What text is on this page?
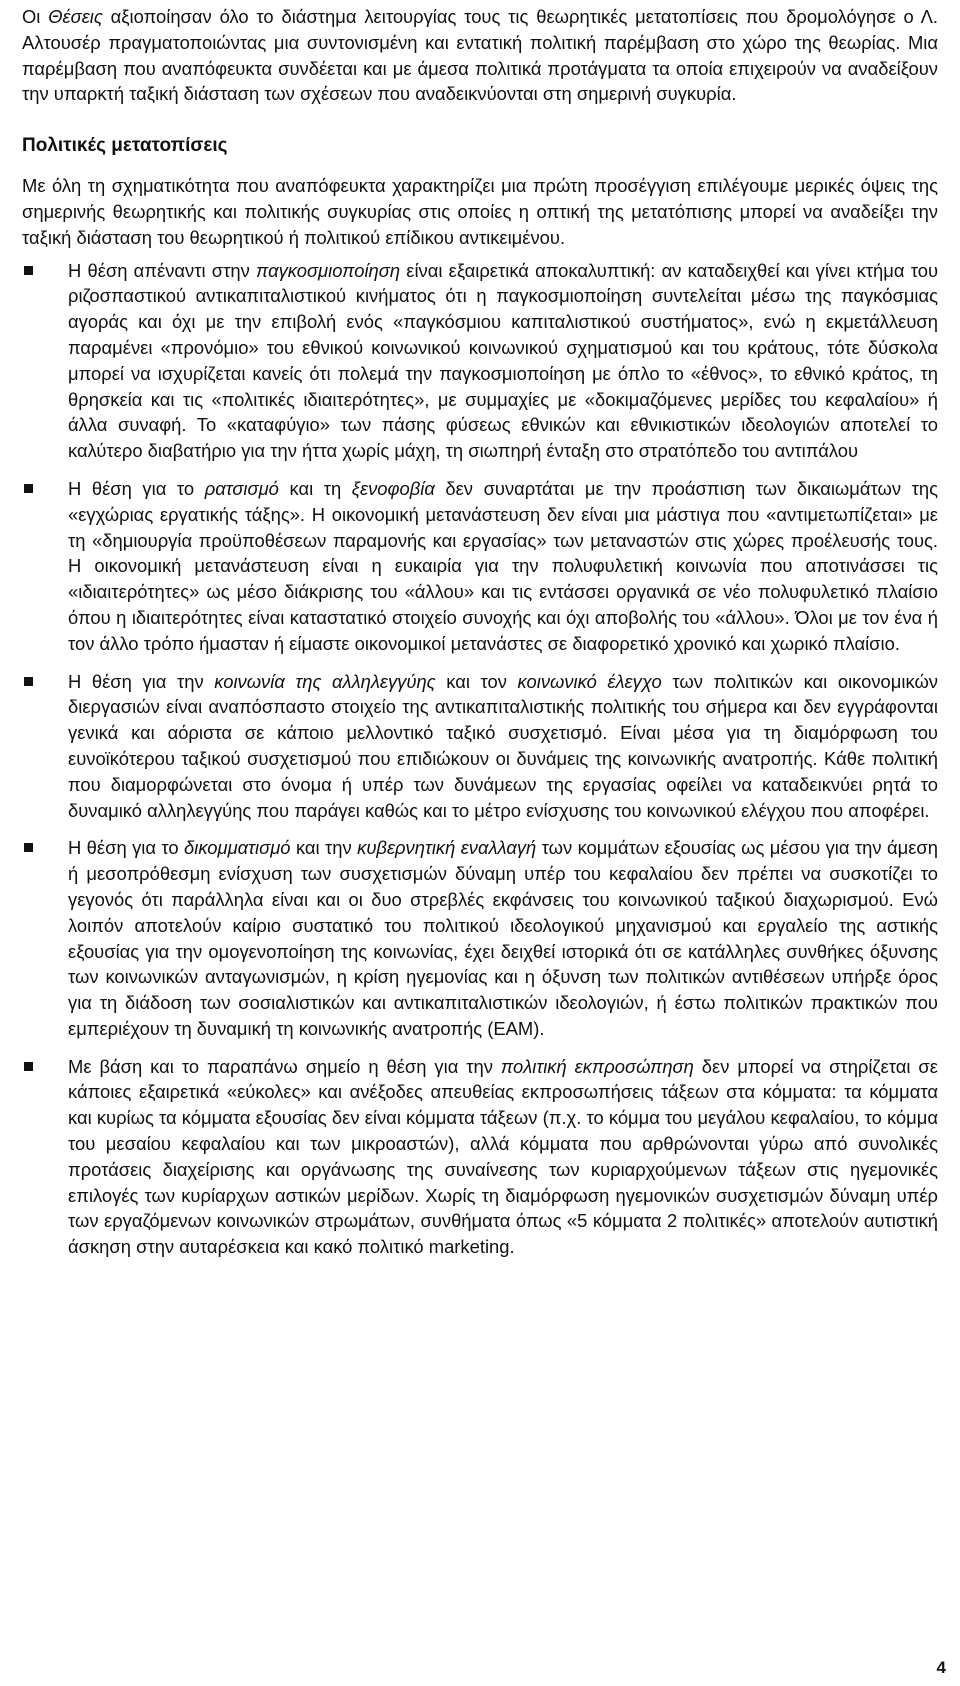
Οι Θέσεις αξιοποίησαν όλο το διάστημα λειτουργίας τους τις θεωρητικές μετατοπίσεις που δρομολόγησε ο Λ. Αλτουσέρ πραγματοποιώντας μια συντονισμένη και εντατική πολιτική παρέμβαση στο χώρο της θεωρίας. Μια παρέμβαση που αναπόφευκτα συνδέεται και με άμεσα πολιτικά προτάγματα τα οποία επιχειρούν να αναδείξουν την υπαρκτή ταξική διάσταση των σχέσεων που αναδεικνύονται στη σημερινή συγκυρία.

Πολιτικές μετατοπίσεις

Με όλη τη σχηματικότητα που αναπόφευκτα χαρακτηρίζει μια πρώτη προσέγγιση επιλέγουμε μερικές όψεις της σημερινής θεωρητικής και πολιτικής συγκυρίας στις οποίες η οπτική της μετατόπισης μπορεί να αναδείξει την ταξική διάσταση του θεωρητικού ή πολιτικού επίδικου αντικειμένου.

Η θέση απέναντι στην παγκοσμιοποίηση είναι εξαιρετικά αποκαλυπτική: αν καταδειχθεί και γίνει κτήμα του ριζοσπαστικού αντικαπιταλιστικού κινήματος ότι η παγκοσμιοποίηση συντελείται μέσω της παγκόσμιας αγοράς και όχι με την επιβολή ενός «παγκόσμιου καπιταλιστικού συστήματος», ενώ η εκμετάλλευση παραμένει «προνόμιο» του εθνικού κοινωνικού κοινωνικού σχηματισμού και του κράτους, τότε δύσκολα μπορεί να ισχυρίζεται κανείς ότι πολεμά την παγκοσμιοποίηση με όπλο το «έθνος», το εθνικό κράτος, τη θρησκεία και τις «πολιτικές ιδιαιτερότητες», με συμμαχίες με «δοκιμαζόμενες μερίδες του κεφαλαίου» ή άλλα συναφή. Το «καταφύγιο» των πάσης φύσεως εθνικών και εθνικιστικών ιδεολογιών αποτελεί το καλύτερο διαβατήριο για την ήττα χωρίς μάχη, τη σιωπηρή ένταξη στο στρατόπεδο του αντιπάλου
Η θέση για το ρατσισμό και τη ξενοφοβία δεν συναρτάται με την προάσπιση των δικαιωμάτων της «εγχώριας εργατικής τάξης». Η οικονομική μετανάστευση δεν είναι μια μάστιγα που «αντιμετωπίζεται» με τη «δημιουργία προϋποθέσεων παραμονής και εργασίας» των μεταναστών στις χώρες προέλευσής τους. Η οικονομική μετανάστευση είναι η ευκαιρία για την πολυφυλετική κοινωνία που αποτινάσσει τις «ιδιαιτερότητες» ως μέσο διάκρισης του «άλλου» και τις εντάσσει οργανικά σε νέο πολυφυλετικό πλαίσιο όπου η ιδιαιτερότητες είναι καταστατικό στοιχείο συνοχής και όχι αποβολής του «άλλου». Όλοι με τον ένα ή τον άλλο τρόπο ήμασταν ή είμαστε οικονομικοί μετανάστες σε διαφορετικό χρονικό και χωρικό πλαίσιο.
Η θέση για την κοινωνία της αλληλεγγύης και τον κοινωνικό έλεγχο των πολιτικών και οικονομικών διεργασιών είναι αναπόσπαστο στοιχείο της αντικαπιταλιστικής πολιτικής του σήμερα και δεν εγγράφονται γενικά και αόριστα σε κάποιο μελλοντικό ταξικό συσχετισμό. Είναι μέσα για τη διαμόρφωση του ευνοϊκότερου ταξικού συσχετισμού που επιδιώκουν οι δυνάμεις της κοινωνικής ανατροπής. Κάθε πολιτική που διαμορφώνεται στο όνομα ή υπέρ των δυνάμεων της εργασίας οφείλει να καταδεικνύει ρητά το δυναμικό αλληλεγγύης που παράγει καθώς και το μέτρο ενίσχυσης του κοινωνικού ελέγχου που αποφέρει.
Η θέση για το δικομματισμό και την κυβερνητική εναλλαγή των κομμάτων εξουσίας ως μέσου για την άμεση ή μεσοπρόθεσμη ενίσχυση των συσχετισμών δύναμη υπέρ του κεφαλαίου δεν πρέπει να συσκοτίζει το γεγονός ότι παράλληλα είναι και οι δυο στρεβλές εκφάνσεις του κοινωνικού ταξικού διαχωρισμού. Ενώ λοιπόν αποτελούν καίριο συστατικό του πολιτικού ιδεολογικού μηχανισμού και εργαλείο της αστικής εξουσίας για την ομογενοποίηση της κοινωνίας, έχει δειχθεί ιστορικά ότι σε κατάλληλες συνθήκες όξυνσης των κοινωνικών ανταγωνισμών, η κρίση ηγεμονίας και η όξυνση των πολιτικών αντιθέσεων υπήρξε όρος για τη διάδοση των σοσιαλιστικών και αντικαπιταλιστικών ιδεολογιών, ή έστω πολιτικών πρακτικών που εμπεριέχουν τη δυναμική τη κοινωνικής ανατροπής (ΕΑΜ).
Με βάση και το παραπάνω σημείο η θέση για την πολιτική εκπροσώπηση δεν μπορεί να στηρίζεται σε κάποιες εξαιρετικά «εύκολες» και ανέξοδες απευθείας εκπροσωπήσεις τάξεων στα κόμματα: τα κόμματα και κυρίως τα κόμματα εξουσίας δεν είναι κόμματα τάξεων (π.χ. το κόμμα του μεγάλου κεφαλαίου, το κόμμα του μεσαίου κεφαλαίου και των μικροαστών), αλλά κόμματα που αρθρώνονται γύρω από συνολικές προτάσεις διαχείρισης και οργάνωσης της συναίνεσης των κυριαρχούμενων τάξεων στις ηγεμονικές επιλογές των κυρίαρχων αστικών μερίδων. Χωρίς τη διαμόρφωση ηγεμονικών συσχετισμών δύναμη υπέρ των εργαζόμενων κοινωνικών στρωμάτων, συνθήματα όπως «5 κόμματα 2 πολιτικές» αποτελούν αυτιστική άσκηση στην αυταρέσκεια και κακό πολιτικό marketing.
4
